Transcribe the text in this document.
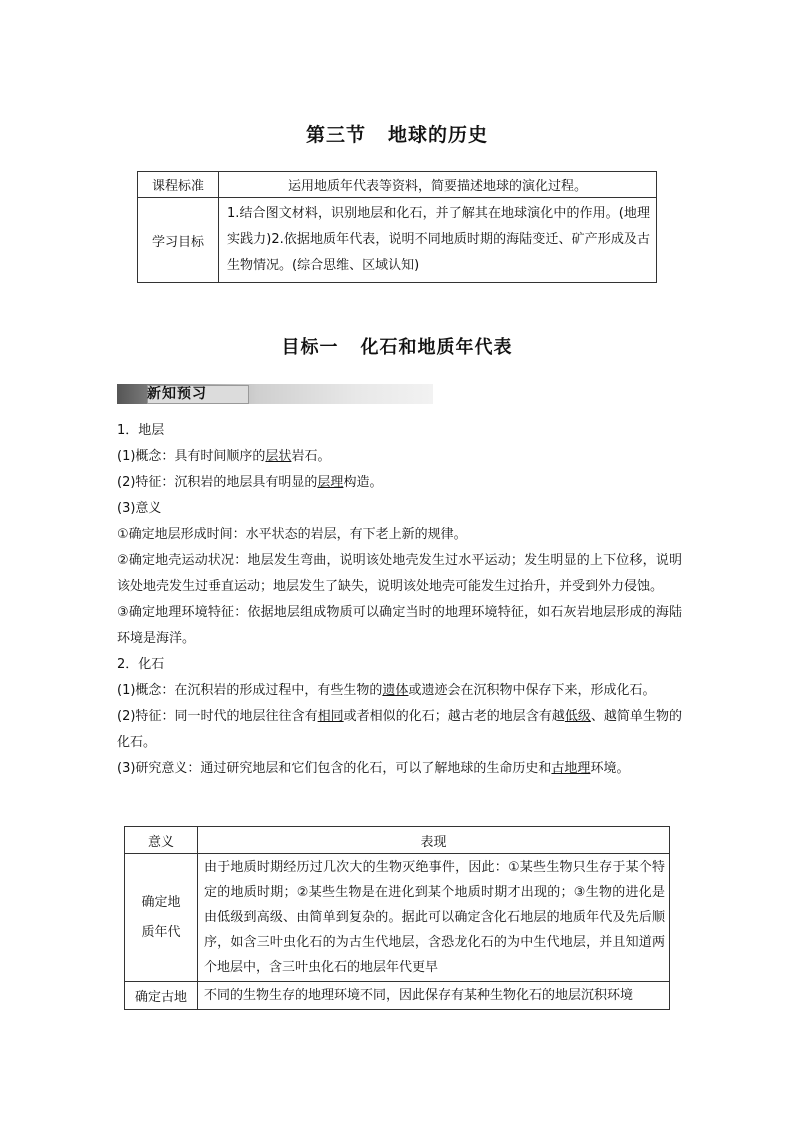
第三节 地球的历史
课程标准	运用地质年代表等资料，简要描述地球的演化过程。
学习目标	1.结合图文材料，识别地层和化石，并了解其在地球演化中的作用。(地理实践力)2.依据地质年代表，说明不同地质时期的海陆变迁、矿产形成及古生物情况。(综合思维、区域认知)
目标一 化石和地质年代表
新知预习

1．地层

(1)概念：具有时间顺序的层状岩石。

(2)特征：沉积岩的地层具有明显的层理构造。

(3)意义

①确定地层形成时间：水平状态的岩层，有下老上新的规律。

②确定地壳运动状况：地层发生弯曲，说明该处地壳发生过水平运动；发生明显的上下位移，说明该处地壳发生过垂直运动；地层发生了缺失，说明该处地壳可能发生过抬升，并受到外力侵蚀。

③确定地理环境特征：依据地层组成物质可以确定当时的地理环境特征，如石灰岩地层形成的海陆环境是海洋。

2．化石

(1)概念：在沉积岩的形成过程中，有些生物的遗体或遗迹会在沉积物中保存下来，形成化石。

(2)特征：同一时代的地层往往含有相同或者相似的化石；越古老的地层含有越低级、越简单生物的化石。

(3)研究意义：通过研究地层和它们包含的化石，可以了解地球的生命历史和古地理环境。

意义	表现
确定地质年代	由于地质时期经历过几次大的生物灭绝事件，因此：①某些生物只生存于某个特定的地质时期；②某些生物是在进化到某个地质时期才出现的；③生物的进化是由低级到高级、由简单到复杂的。据此可以确定含化石地层的地质年代及先后顺序，如含三叶虫化石的为古生代地层，含恐龙化石的为中生代地层，并且知道两个地层中，含三叶虫化石的地层年代更早
确定古地	不同的生物生存的地理环境不同，因此保存有某种生物化石的地层沉积环境
